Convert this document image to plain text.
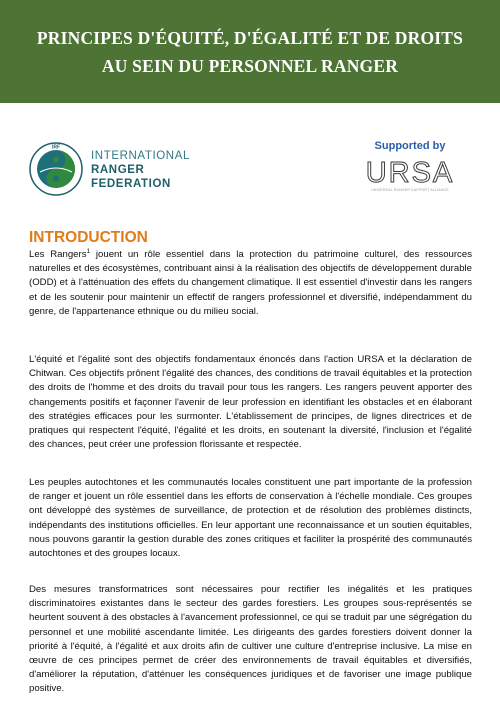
PRINCIPES D'ÉQUITÉ, D'ÉGALITÉ ET DE DROITS
AU SEIN DU PERSONNEL RANGER
IRF
INTERNATIONAL
RANGER
FEDERATION
Supported by
URSA
UNIVERSAL RANGER SUPPORT ALLIANCE
INTRODUCTION

Les Rangers$^1$ jouent un rôle essentiel dans la protection du patrimoine culturel, des ressources naturelles et des écosystèmes, contribuant ainsi à la réalisation des objectifs de développement durable (ODD) et à l'atténuation des effets du changement climatique. Il est essentiel d'investir dans les rangers et de les soutenir pour maintenir un effectif de rangers professionnel et diversifié, indépendamment du genre, de l'appartenance ethnique ou du milieu social.

L'équité et l'égalité sont des objectifs fondamentaux énoncés dans l'action URSA et la déclaration de Chitwan. Ces objectifs prônent l'égalité des chances, des conditions de travail équitables et la protection des droits de l'homme et des droits du travail pour tous les rangers. Les rangers peuvent apporter des changements positifs et façonner l'avenir de leur profession en identifiant les obstacles et en élaborant des stratégies efficaces pour les surmonter. L'établissement de principes, de lignes directrices et de pratiques qui respectent l'équité, l'égalité et les droits, en soutenant la diversité, l'inclusion et l'égalité des chances, peut créer une profession florissante et respectée.

Les peuples autochtones et les communautés locales constituent une part importante de la profession de ranger et jouent un rôle essentiel dans les efforts de conservation à l'échelle mondiale. Ces groupes ont développé des systèmes de surveillance, de protection et de résolution des problèmes distincts, indépendants des institutions officielles. En leur apportant une reconnaissance et un soutien équitables, nous pouvons garantir la gestion durable des zones critiques et faciliter la prospérité des communautés autochtones et des groupes locaux.

Des mesures transformatrices sont nécessaires pour rectifier les inégalités et les pratiques discriminatoires existantes dans le secteur des gardes forestiers. Les groupes sous-représentés se heurtent souvent à des obstacles à l'avancement professionnel, ce qui se traduit par une ségrégation du personnel et une mobilité ascendante limitée. Les dirigeants des gardes forestiers doivent donner la priorité à l'équité, à l'égalité et aux droits afin de cultiver une culture d'entreprise inclusive. La mise en œuvre de ces principes permet de créer des environnements de travail équitables et diversifiés, d'améliorer la réputation, d'atténuer les conséquences juridiques et de favoriser une image publique positive.
